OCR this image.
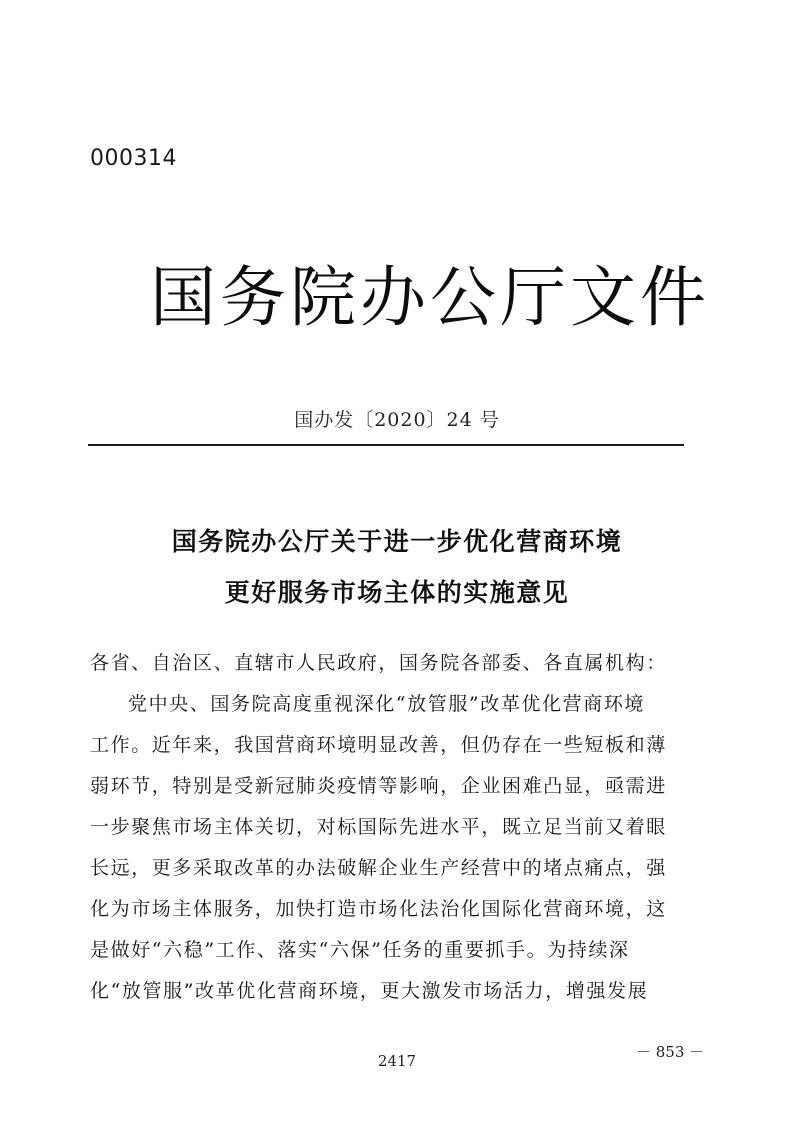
000314
国务院办公厅文件
国办发〔2020〕24 号
国务院办公厅关于进一步优化营商环境
更好服务市场主体的实施意见
各省、自治区、直辖市人民政府，国务院各部委、各直属机构：
党中央、国务院高度重视深化“放管服”改革优化营商环境
工作。近年来，我国营商环境明显改善，但仍存在一些短板和薄
弱环节，特别是受新冠肺炎疫情等影响，企业困难凸显，亟需进
一步聚焦市场主体关切，对标国际先进水平，既立足当前又着眼
长远，更多采取改革的办法破解企业生产经营中的堵点痛点，强
化为市场主体服务，加快打造市场化法治化国际化营商环境，这
是做好“六稳”工作、落实“六保”任务的重要抓手。为持续深
化“放管服”改革优化营商环境，更大激发市场活力，增强发展
－ 853 －
2417
